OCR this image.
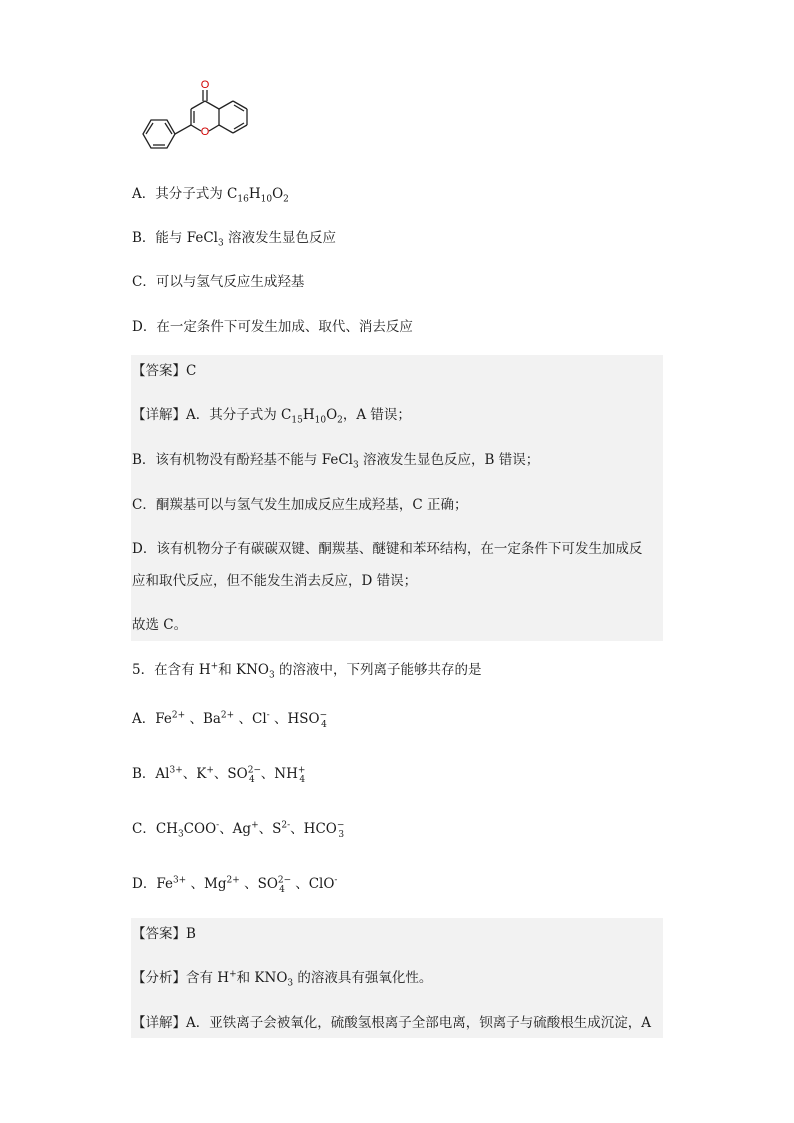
O
O
A．其分子式为 $C_{16}H_{10}O_2$
B．能与 FeCl$_3$ 溶液发生显色反应
C．可以与氢气反应生成羟基
D．在一定条件下可发生加成、取代、消去反应
【答案】C
【详解】A．其分子式为 $C_{15}H_{10}O_2$，A 错误；
B．该有机物没有酚羟基不能与 FeCl$_3$ 溶液发生显色反应，B 错误；
C．酮羰基可以与氢气发生加成反应生成羟基，C 正确；
D．该有机物分子有碳碳双键、酮羰基、醚键和苯环结构，在一定条件下可发生加成反
应和取代反应，但不能发生消去反应，D 错误；
故选 C。
5．在含有 H+和 $KNO_3$ 的溶液中，下列离子能够共存的是
A．$Fe^{2+}$ 、$Ba^{2+}$ 、Cl- 、$HSO^-_4$
B．$Al^{3+}$、K+、$SO^{2-}_4$ 、$NH^+_4$
C．$CH_3COO^-$、Ag+、$S^{2-}$、$HCO^-_3$
D．$Fe^{3+}$ 、$Mg^{2+}$ 、$SO^{2-}_4$ 、ClO-
【答案】B
【分析】含有 H+和 $KNO_3$ 的溶液具有强氧化性。
【详解】A．亚铁离子会被氧化，硫酸氢根离子全部电离，钡离子与硫酸根生成沉淀，A
